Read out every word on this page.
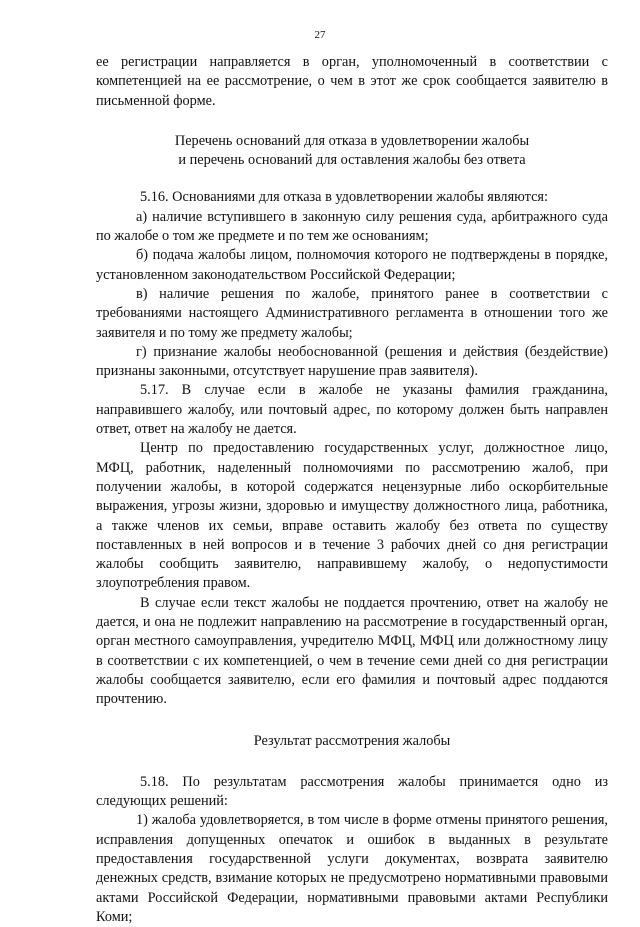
27

ее регистрации направляется в орган, уполномоченный в соответствии с компетенцией на ее рассмотрение, о чем в этот же срок сообщается заявителю в письменной форме.

Перечень оснований для отказа в удовлетворении жалобы

и перечень оснований для оставления жалобы без ответа

5.16. Основаниями для отказа в удовлетворении жалобы являются:

а) наличие вступившего в законную силу решения суда, арбитражного суда по жалобе о том же предмете и по тем же основаниям;

б) подача жалобы лицом, полномочия которого не подтверждены в порядке, установленном законодательством Российской Федерации;

в) наличие решения по жалобе, принятого ранее в соответствии с требованиями настоящего Административного регламента в отношении того же заявителя и по тому же предмету жалобы;

г) признание жалобы необоснованной (решения и действия (бездействие) признаны законными, отсутствует нарушение прав заявителя).

5.17. В случае если в жалобе не указаны фамилия гражданина, направившего жалобу, или почтовый адрес, по которому должен быть направлен ответ, ответ на жалобу не дается.

Центр по предоставлению государственных услуг, должностное лицо, МФЦ, работник, наделенный полномочиями по рассмотрению жалоб, при получении жалобы, в которой содержатся нецензурные либо оскорбительные выражения, угрозы жизни, здоровью и имуществу должностного лица, работника, а также членов их семьи, вправе оставить жалобу без ответа по существу поставленных в ней вопросов и в течение 3 рабочих дней со дня регистрации жалобы сообщить заявителю, направившему жалобу, о недопустимости злоупотребления правом.

В случае если текст жалобы не поддается прочтению, ответ на жалобу не дается, и она не подлежит направлению на рассмотрение в государственный орган, орган местного самоуправления, учредителю МФЦ, МФЦ или должностному лицу в соответствии с их компетенцией, о чем в течение семи дней со дня регистрации жалобы сообщается заявителю, если его фамилия и почтовый адрес поддаются прочтению.

Результат рассмотрения жалобы

5.18. По результатам рассмотрения жалобы принимается одно из следующих решений:

1) жалоба удовлетворяется, в том числе в форме отмены принятого решения, исправления допущенных опечаток и ошибок в выданных в результате предоставления государственной услуги документах, возврата заявителю денежных средств, взимание которых не предусмотрено нормативными правовыми актами Российской Федерации, нормативными правовыми актами Республики Коми;
